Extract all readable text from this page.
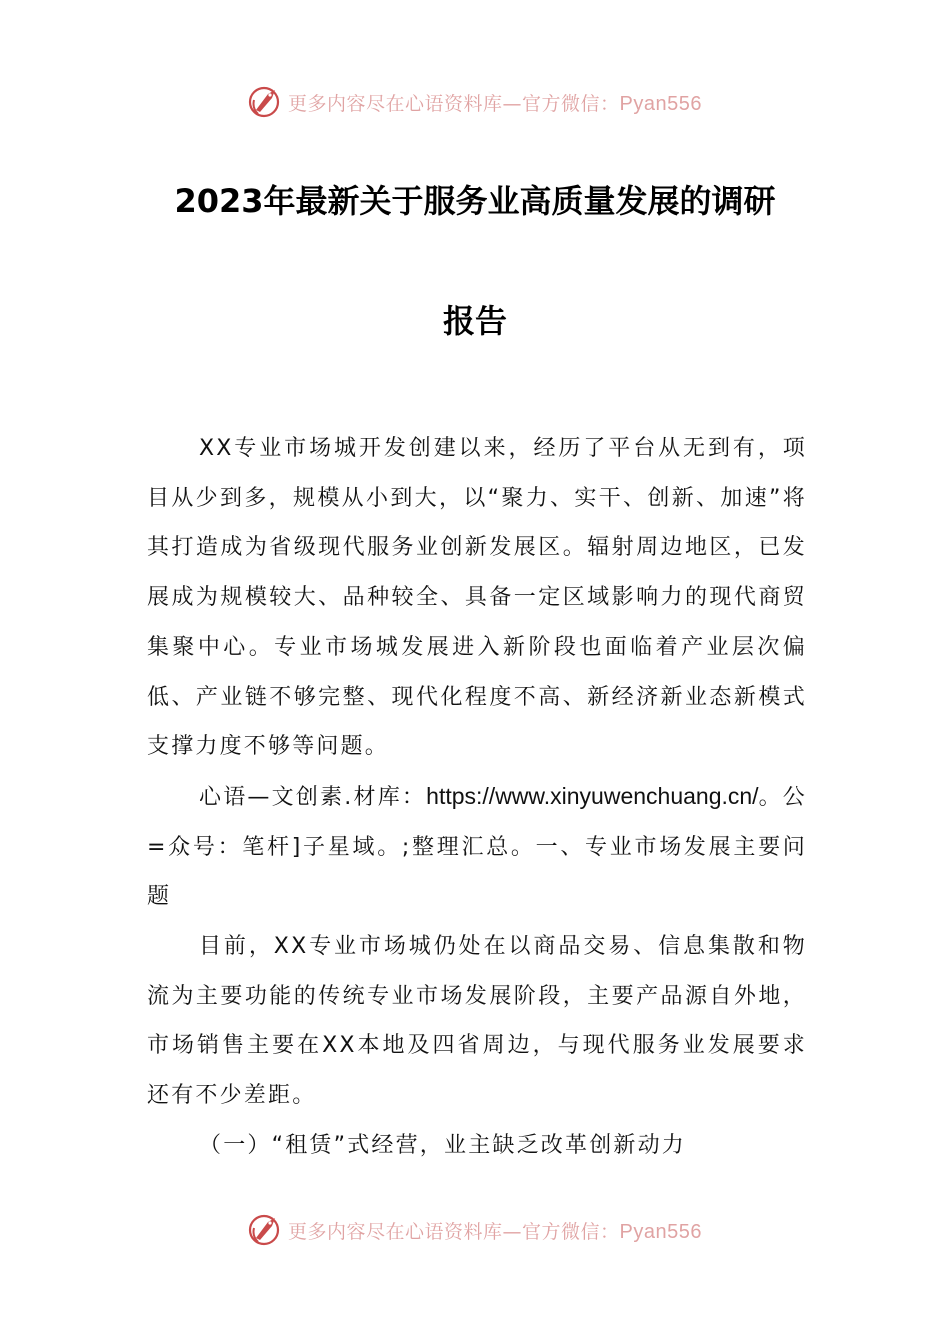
更多内容尽在心语资料库—官方微信：Pyan556
2023年最新关于服务业高质量发展的调研
报告

XX专业市场城开发创建以来，经历了平台从无到有，项目从少到多，规模从小到大，以“聚力、实干、创新、加速”将其打造成为省级现代服务业创新发展区。辐射周边地区，已发展成为规模较大、品种较全、具备一定区域影响力的现代商贸集聚中心。专业市场城发展进入新阶段也面临着产业层次偏低、产业链不够完整、现代化程度不高、新经济新业态新模式支撑力度不够等问题。

心语—文创素.材库：https://www.xinyuwenchuang.cn/。公=众号：笔杆]子星域。;整理汇总。一、专业市场发展主要问题

目前，XX专业市场城仍处在以商品交易、信息集散和物流为主要功能的传统专业市场发展阶段，主要产品源自外地，市场销售主要在XX本地及四省周边，与现代服务业发展要求还有不少差距。

（一）“租赁”式经营，业主缺乏改革创新动力

更多内容尽在心语资料库—官方微信：Pyan556
